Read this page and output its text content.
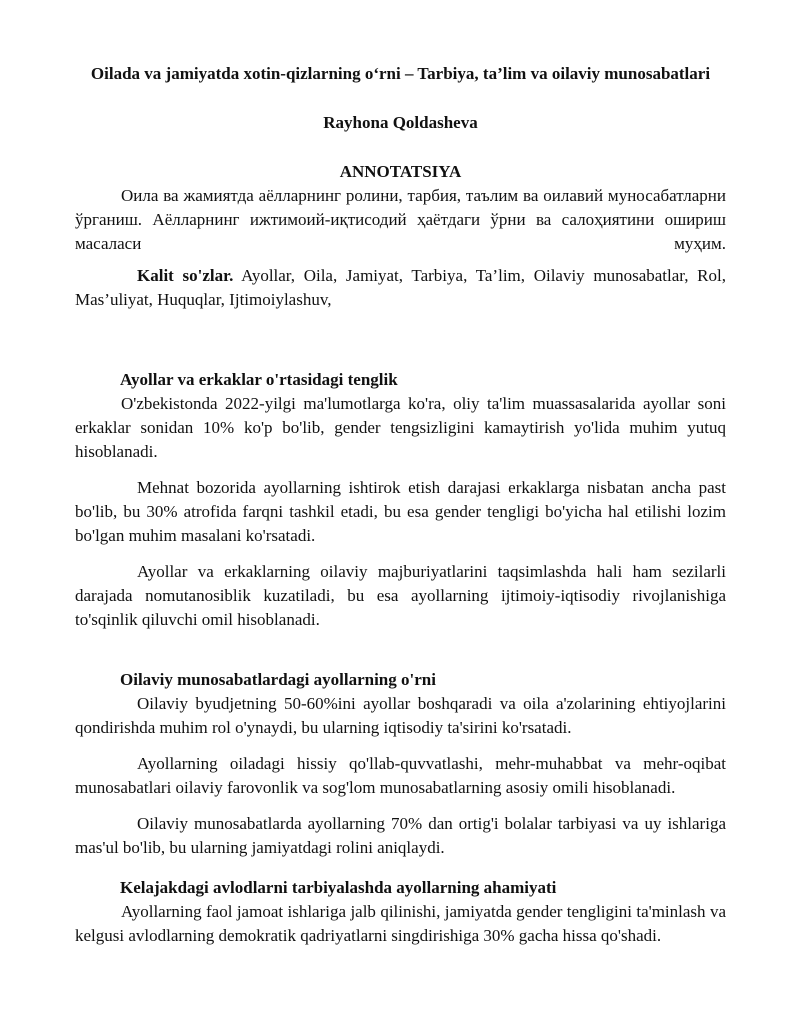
Oilada va jamiyatda xotin-qizlarning o‘rni – Tarbiya, ta’lim va oilaviy munosabatlari
Rayhona Qoldasheva
ANNOTATSIYA

Оила ва жамиятда аёлларнинг ролини, тарбия, таълим ва оилавий муносабатларни ўрганиш. Аёлларнинг ижтимоий-иқтисодий ҳаётдаги ўрни ва салоҳиятини ошириш масаласи муҳим.

Kalit so'zlar. Ayollar, Oila, Jamiyat, Tarbiya, Ta’lim, Oilaviy munosabatlar, Rol, Mas’uliyat, Huquqlar, Ijtimoiylashuv,

Ayollar va erkaklar o'rtasidagi tenglik

O'zbekistonda 2022-yilgi ma'lumotlarga ko'ra, oliy ta'lim muassasalarida ayollar soni erkaklar sonidan 10% ko'p bo'lib, gender tengsizligini kamaytirish yo'lida muhim yutuq hisoblanadi.

Mehnat bozorida ayollarning ishtirok etish darajasi erkaklarga nisbatan ancha past bo'lib, bu 30% atrofida farqni tashkil etadi, bu esa gender tengligi bo'yicha hal etilishi lozim bo'lgan muhim masalani ko'rsatadi.

Ayollar va erkaklarning oilaviy majburiyatlarini taqsimlashda hali ham sezilarli darajada nomutanosiblik kuzatiladi, bu esa ayollarning ijtimoiy-iqtisodiy rivojlanishiga to'sqinlik qiluvchi omil hisoblanadi.

Oilaviy munosabatlardagi ayollarning o'rni

Oilaviy byudjetning 50-60%ini ayollar boshqaradi va oila a'zolarining ehtiyojlarini qondirishda muhim rol o'ynaydi, bu ularning iqtisodiy ta'sirini ko'rsatadi.

Ayollarning oiladagi hissiy qo'llab-quvvatlashi, mehr-muhabbat va mehr-oqibat munosabatlari oilaviy farovonlik va sog'lom munosabatlarning asosiy omili hisoblanadi.

Oilaviy munosabatlarda ayollarning 70% dan ortig'i bolalar tarbiyasi va uy ishlariga mas'ul bo'lib, bu ularning jamiyatdagi rolini aniqlaydi.

Kelajakdagi avlodlarni tarbiyalashda ayollarning ahamiyati

Ayollarning faol jamoat ishlariga jalb qilinishi, jamiyatda gender tengligini ta'minlash va kelgusi avlodlarning demokratik qadriyatlarni singdirishiga 30% gacha hissa qo'shadi.
